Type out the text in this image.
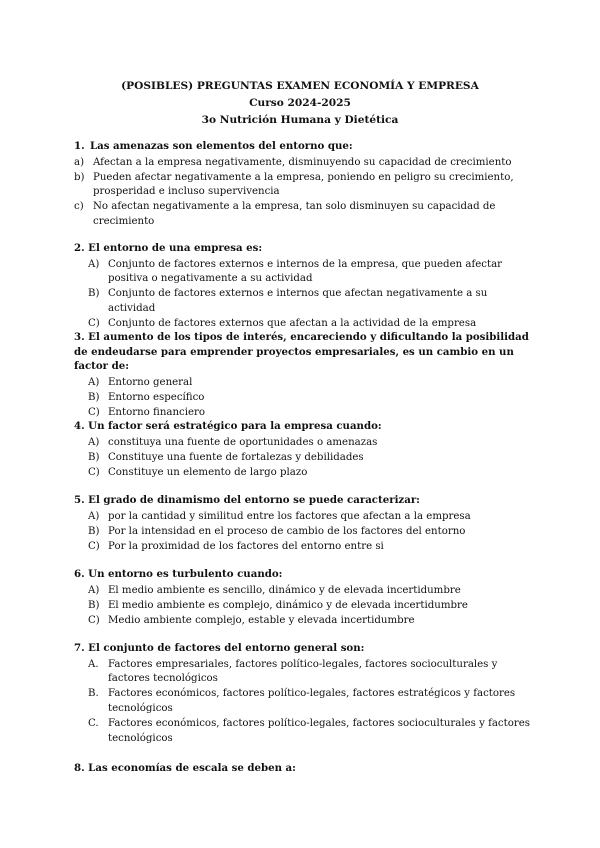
(POSIBLES) PREGUNTAS EXAMEN ECONOMÍA Y EMPRESA
Curso 2024-2025
3o Nutrición Humana y Dietética
1. Las amenazas son elementos del entorno que:
a) Afectan a la empresa negativamente, disminuyendo su capacidad de crecimiento
b) Pueden afectar negativamente a la empresa, poniendo en peligro su crecimiento, prosperidad e incluso supervivencia
c) No afectan negativamente a la empresa, tan solo disminuyen su capacidad de crecimiento
2. El entorno de una empresa es:
A) Conjunto de factores externos e internos de la empresa, que pueden afectar positiva o negativamente a su actividad
B) Conjunto de factores externos e internos que afectan negativamente a su actividad
C) Conjunto de factores externos que afectan a la actividad de la empresa
3. El aumento de los tipos de interés, encareciendo y dificultando la posibilidad de endeudarse para emprender proyectos empresariales, es un cambio en un factor de:
A) Entorno general
B) Entorno específico
C) Entorno financiero
4. Un factor será estratégico para la empresa cuando:
A) constituya una fuente de oportunidades o amenazas
B) Constituye una fuente de fortalezas y debilidades
C) Constituye un elemento de largo plazo
5. El grado de dinamismo del entorno se puede caracterizar:
A) por la cantidad y similitud entre los factores que afectan a la empresa
B) Por la intensidad en el proceso de cambio de los factores del entorno
C) Por la proximidad de los factores del entorno entre si
6. Un entorno es turbulento cuando:
A) El medio ambiente es sencillo, dinámico y de elevada incertidumbre
B) El medio ambiente es complejo, dinámico y de elevada incertidumbre
C) Medio ambiente complejo, estable y elevada incertidumbre
7. El conjunto de factores del entorno general son:
A. Factores empresariales, factores político-legales, factores socioculturales y factores tecnológicos
B. Factores económicos, factores político-legales, factores estratégicos y factores tecnológicos
C. Factores económicos, factores político-legales, factores socioculturales y factores tecnológicos
8. Las economías de escala se deben a:
